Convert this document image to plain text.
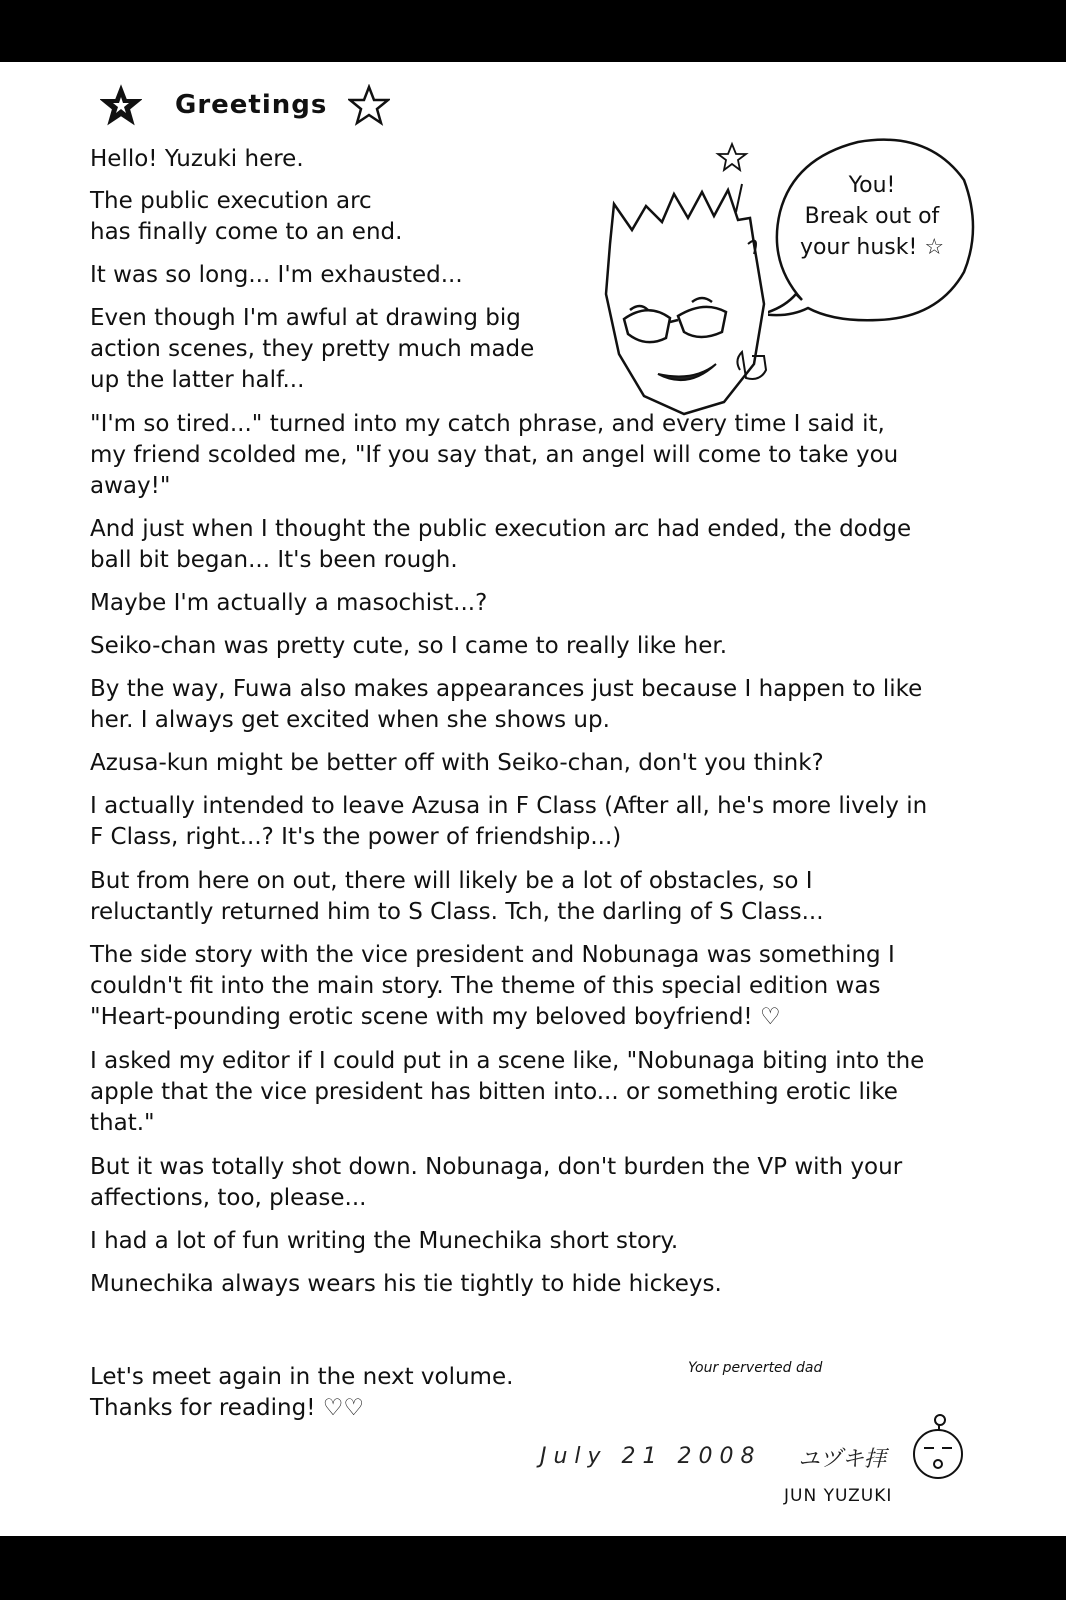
Greetings
You!
Break out of
your husk! ☆

Hello! Yuzuki here.

The public execution arc
has finally come to an end.

It was so long... I'm exhausted...

Even though I'm awful at drawing big
action scenes, they pretty much made
up the latter half...

"I'm so tired..." turned into my catch phrase, and every time I said it,
my friend scolded me, "If you say that, an angel will come to take you
away!"

And just when I thought the public execution arc had ended, the dodge
ball bit began... It's been rough.

Maybe I'm actually a masochist...?

Seiko-chan was pretty cute, so I came to really like her.

By the way, Fuwa also makes appearances just because I happen to like
her. I always get excited when she shows up.

Azusa-kun might be better off with Seiko-chan, don't you think?

I actually intended to leave Azusa in F Class (After all, he's more lively in
F Class, right...? It's the power of friendship...)

But from here on out, there will likely be a lot of obstacles, so I
reluctantly returned him to S Class. Tch, the darling of S Class...

The side story with the vice president and Nobunaga was something I
couldn't fit into the main story. The theme of this special edition was
"Heart-pounding erotic scene with my beloved boyfriend! ♡

I asked my editor if I could put in a scene like, "Nobunaga biting into the
apple that the vice president has bitten into... or something erotic like
that."

But it was totally shot down. Nobunaga, don't burden the VP with your
affections, too, please...

I had a lot of fun writing the Munechika short story.

Munechika always wears his tie tightly to hide hickeys.

Let's meet again in the next volume.
Thanks for reading! ♡♡

Your perverted dad
July 21 2008 ユヅキ拝
JUN YUZUKI
